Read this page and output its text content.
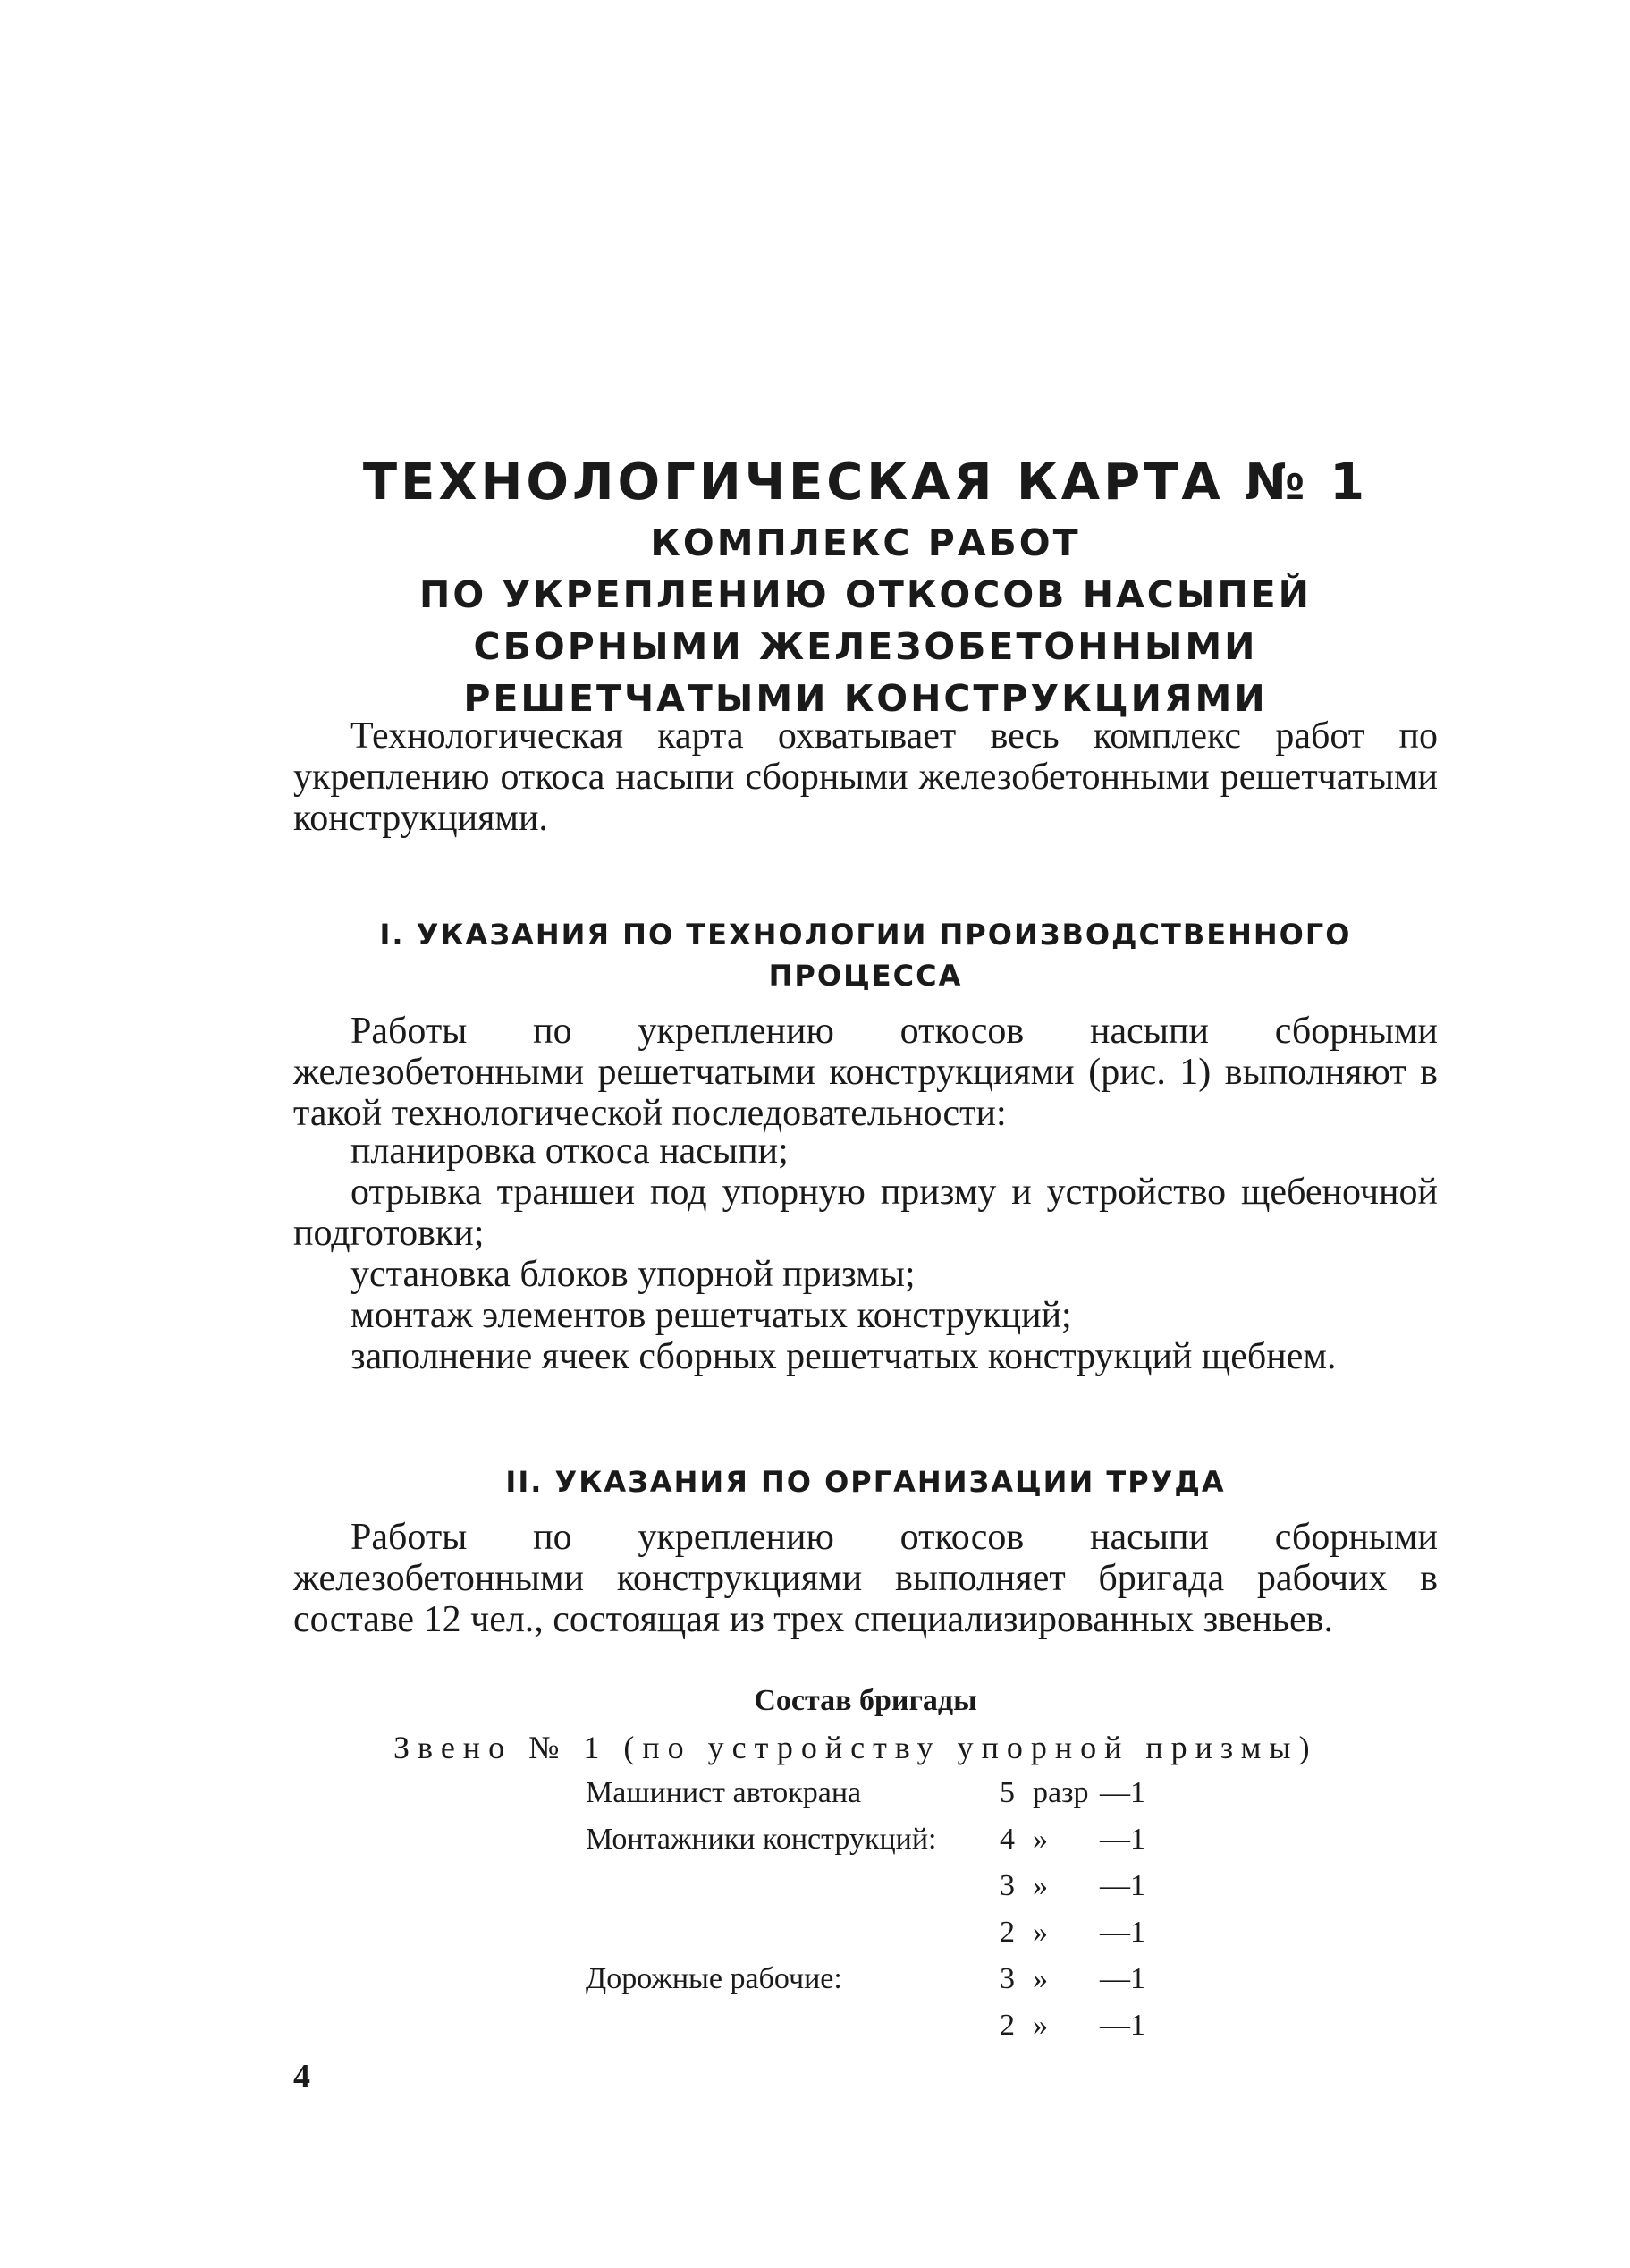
ТЕХНОЛОГИЧЕСКАЯ КАРТА № 1
КОМПЛЕКС РАБОТ
ПО УКРЕПЛЕНИЮ ОТКОСОВ НАСЫПЕЙ
СБОРНЫМИ ЖЕЛЕЗОБЕТОННЫМИ
РЕШЕТЧАТЫМИ КОНСТРУКЦИЯМИ

Технологическая карта охватывает весь комплекс работ по укреплению откоса насыпи сборными железобетонными решетчатыми конструкциями.

I. УКАЗАНИЯ ПО ТЕХНОЛОГИИ ПРОИЗВОДСТВЕННОГО
ПРОЦЕССА

Работы по укреплению откосов насыпи сборными железобетонными решетчатыми конструкциями (рис. 1) выполняют в такой технологической последовательности:

планировка откоса насыпи;

отрывка траншеи под упорную призму и устройство щебеночной подготовки;

установка блоков упорной призмы;

монтаж элементов решетчатых конструкций;

заполнение ячеек сборных решетчатых конструкций щебнем.

II. УКАЗАНИЯ ПО ОРГАНИЗАЦИИ ТРУДА

Работы по укреплению откосов насыпи сборными железобетонными конструкциями выполняет бригада рабочих в составе 12 чел., состоящая из трех специализированных звеньев.

Состав бригады
Звено № 1 (по устройству упорной призмы)
Машинист автокрана	5 разр —1
Монтажники конструкций: 4 » —1
3 » —1
2 » —1
Дорожные рабочие:	3 » —1
2 » —1
4
